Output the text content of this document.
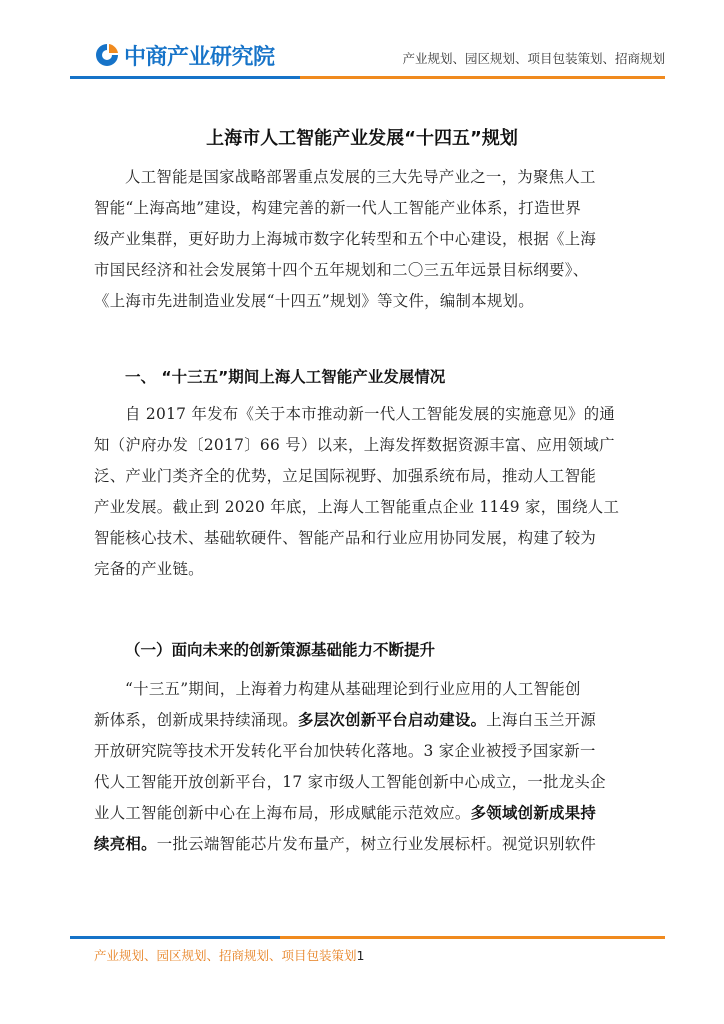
中商产业研究院	产业规划、园区规划、项目包装策划、招商规划
上海市人工智能产业发展“十四五”规划
人工智能是国家战略部署重点发展的三大先导产业之一，为聚焦人工
智能“上海高地”建设，构建完善的新一代人工智能产业体系，打造世界
级产业集群，更好助力上海城市数字化转型和五个中心建设，根据《上海
市国民经济和社会发展第十四个五年规划和二〇三五年远景目标纲要》、
《上海市先进制造业发展“十四五”规划》等文件，编制本规划。
一、 “十三五”期间上海人工智能产业发展情况
自 2017 年发布《关于本市推动新一代人工智能发展的实施意见》的通
知（沪府办发〔2017〕66 号）以来，上海发挥数据资源丰富、应用领域广
泛、产业门类齐全的优势，立足国际视野、加强系统布局，推动人工智能
产业发展。截止到 2020 年底，上海人工智能重点企业 1149 家，围绕人工
智能核心技术、基础软硬件、智能产品和行业应用协同发展，构建了较为
完备的产业链。
（一）面向未来的创新策源基础能力不断提升
“十三五”期间，上海着力构建从基础理论到行业应用的人工智能创
新体系，创新成果持续涌现。多层次创新平台启动建设。上海白玉兰开源
开放研究院等技术开发转化平台加快转化落地。3 家企业被授予国家新一
代人工智能开放创新平台，17 家市级人工智能创新中心成立，一批龙头企
业人工智能创新中心在上海布局，形成赋能示范效应。多领域创新成果持
续亮相。一批云端智能芯片发布量产，树立行业发展标杆。视觉识别软件
产业规划、园区规划、招商规划、项目包装策划1
